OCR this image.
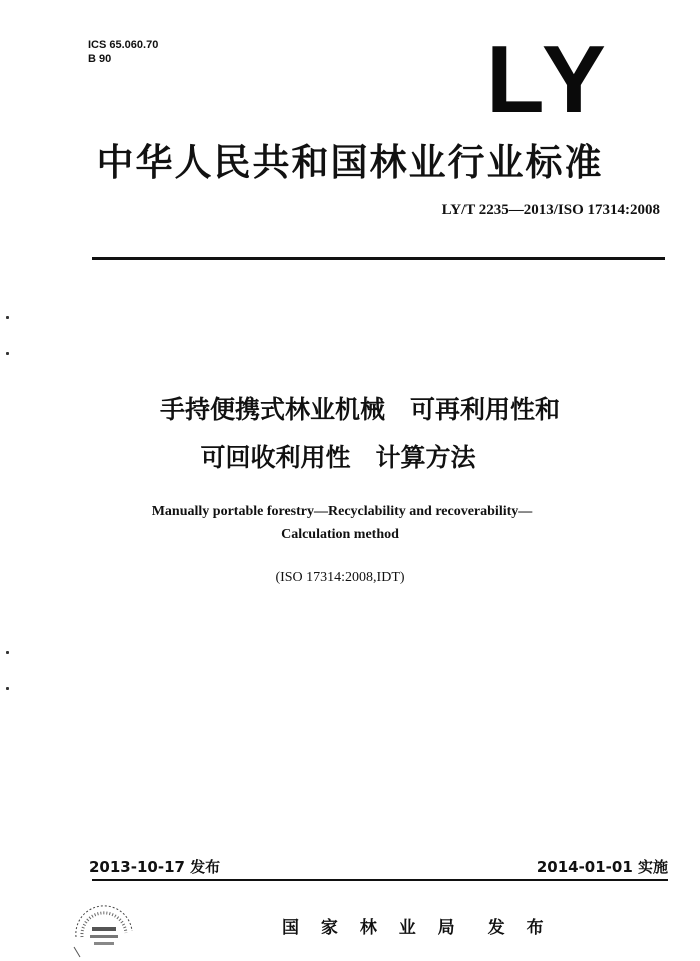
ICS 65.060.70
B 90	LY
中华人民共和国林业行业标准
LY/T 2235—2013/ISO 17314:2008
手持便携式林业机械　可再利用性和
可回收利用性　计算方法
Manually portable forestry—Recyclability and recoverability—
Calculation method
(ISO 17314:2008,IDT)
2013-10-17 发布	2014-01-01 实施
国 家 林 业 局　发 布
